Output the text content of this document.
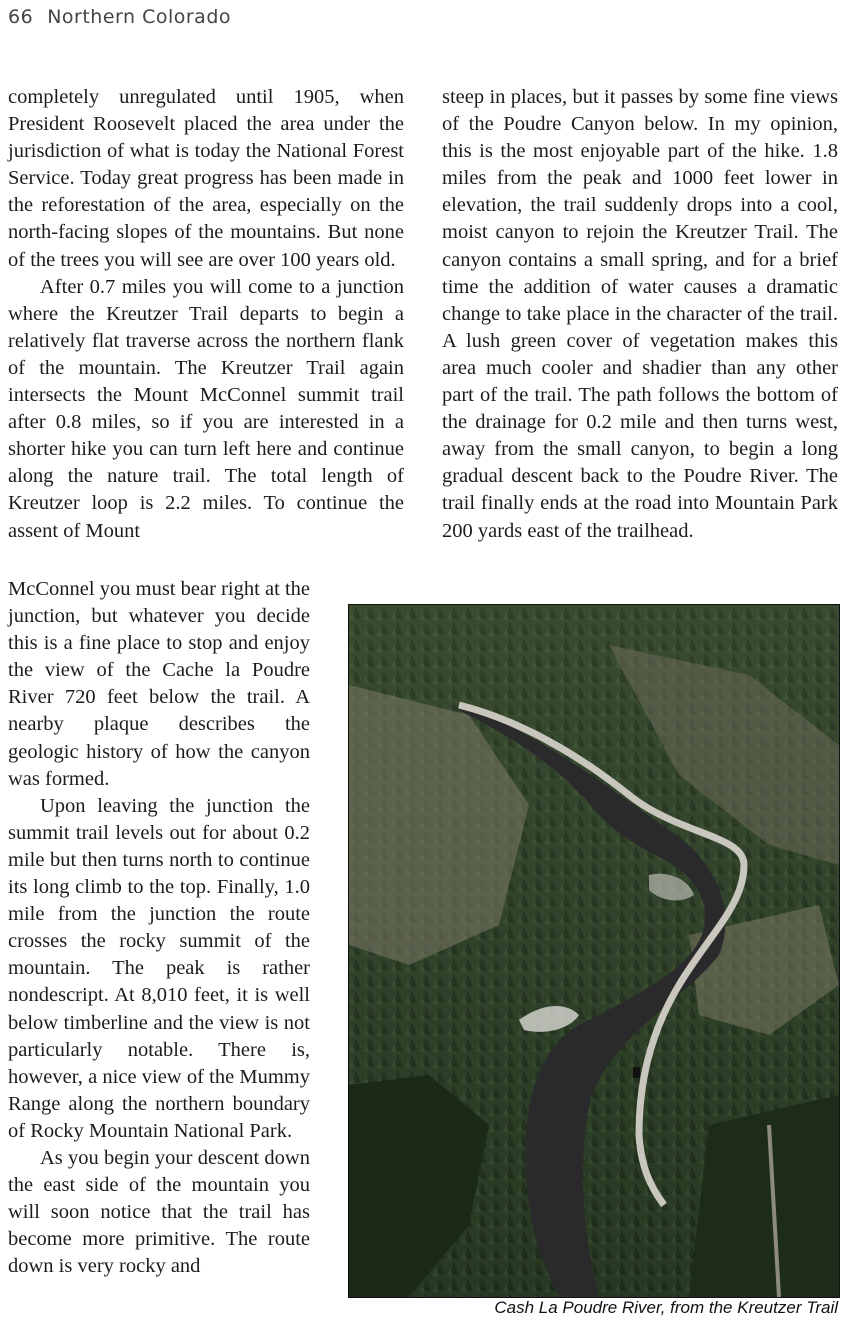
66 Northern Colorado

completely unregulated until 1905, when President Roosevelt placed the area under the jurisdiction of what is today the National Forest Service. Today great progress has been made in the reforestation of the area, especially on the north-facing slopes of the mountains. But none of the trees you will see are over 100 years old.

After 0.7 miles you will come to a junction where the Kreutzer Trail departs to begin a relatively flat traverse across the northern flank of the mountain. The Kreutzer Trail again intersects the Mount McConnel summit trail after 0.8 miles, so if you are interested in a shorter hike you can turn left here and continue along the nature trail. The total length of Kreutzer loop is 2.2 miles. To continue the assent of Mount

steep in places, but it passes by some fine views of the Poudre Canyon below. In my opinion, this is the most enjoyable part of the hike. 1.8 miles from the peak and 1000 feet lower in elevation, the trail suddenly drops into a cool, moist canyon to rejoin the Kreutzer Trail. The canyon contains a small spring, and for a brief time the addition of water causes a dramatic change to take place in the character of the trail. A lush green cover of vegetation makes this area much cooler and shadier than any other part of the trail. The path follows the bottom of the drainage for 0.2 mile and then turns west, away from the small canyon, to begin a long gradual descent back to the Poudre River. The trail finally ends at the road into Mountain Park 200 yards east of the trailhead.

McConnel you must bear right at the junction, but whatever you decide this is a fine place to stop and enjoy the view of the Cache la Poudre River 720 feet below the trail. A nearby plaque describes the geologic history of how the canyon was formed.

Upon leaving the junction the summit trail levels out for about 0.2 mile but then turns north to continue its long climb to the top. Finally, 1.0 mile from the junction the route crosses the rocky summit of the mountain. The peak is rather nondescript. At 8,010 feet, it is well below timberline and the view is not particularly notable. There is, however, a nice view of the Mummy Range along the northern boundary of Rocky Mountain National Park.

As you begin your descent down the east side of the mountain you will soon notice that the trail has become more primitive. The route down is very rocky and

Cash La Poudre River, from the Kreutzer Trail
